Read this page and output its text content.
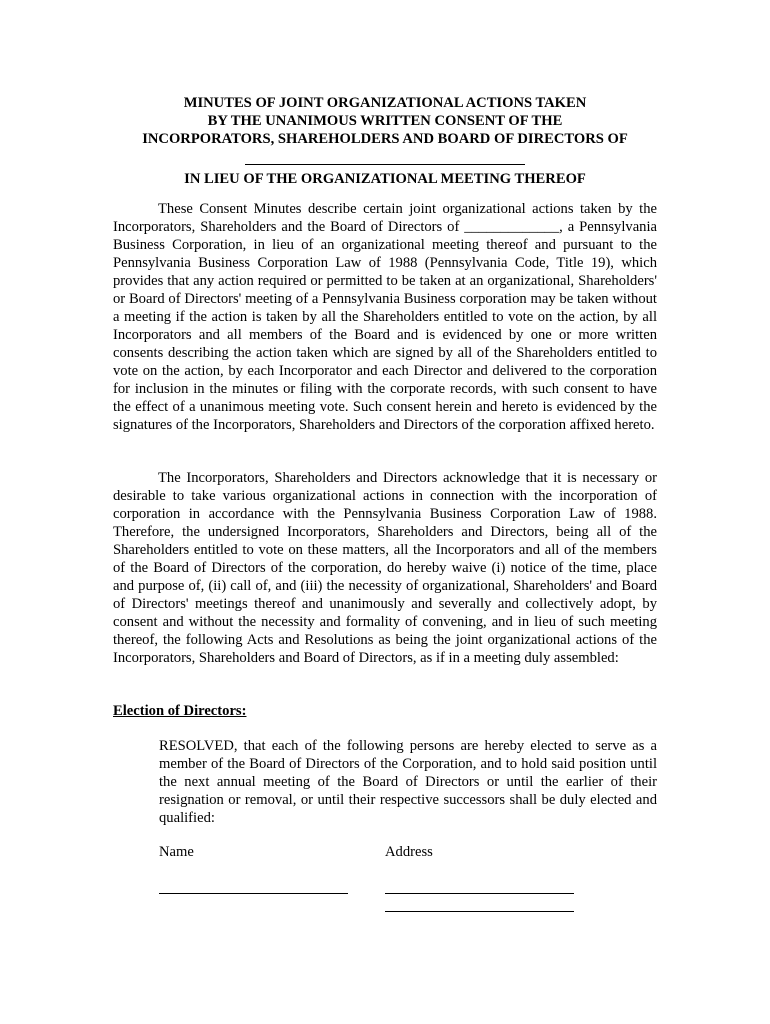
MINUTES OF JOINT ORGANIZATIONAL ACTIONS TAKEN
BY THE UNANIMOUS WRITTEN CONSENT OF THE
INCORPORATORS, SHAREHOLDERS AND BOARD OF DIRECTORS OF
IN LIEU OF THE ORGANIZATIONAL MEETING THEREOF
These Consent Minutes describe certain joint organizational actions taken by the Incorporators, Shareholders and the Board of Directors of _____________, a Pennsylvania Business Corporation, in lieu of an organizational meeting thereof and pursuant to the Pennsylvania Business Corporation Law of 1988 (Pennsylvania Code, Title 19), which provides that any action required or permitted to be taken at an organizational, Shareholders' or Board of Directors' meeting of a Pennsylvania Business corporation may be taken without a meeting if the action is taken by all the Shareholders entitled to vote on the action, by all Incorporators and all members of the Board and is evidenced by one or more written consents describing the action taken which are signed by all of the Shareholders entitled to vote on the action, by each Incorporator and each Director and delivered to the corporation for inclusion in the minutes or filing with the corporate records, with such consent to have the effect of a unanimous meeting vote. Such consent herein and hereto is evidenced by the signatures of the Incorporators, Shareholders and Directors of the corporation affixed hereto.
The Incorporators, Shareholders and Directors acknowledge that it is necessary or desirable to take various organizational actions in connection with the incorporation of corporation in accordance with the Pennsylvania Business Corporation Law of 1988. Therefore, the undersigned Incorporators, Shareholders and Directors, being all of the Shareholders entitled to vote on these matters, all the Incorporators and all of the members of the Board of Directors of the corporation, do hereby waive (i) notice of the time, place and purpose of, (ii) call of, and (iii) the necessity of organizational, Shareholders' and Board of Directors' meetings thereof and unanimously and severally and collectively adopt, by consent and without the necessity and formality of convening, and in lieu of such meeting thereof, the following Acts and Resolutions as being the joint organizational actions of the Incorporators, Shareholders and Board of Directors, as if in a meeting duly assembled:
Election of Directors:
RESOLVED, that each of the following persons are hereby elected to serve as a member of the Board of Directors of the Corporation, and to hold said position until the next annual meeting of the Board of Directors or until the earlier of their resignation or removal, or until their respective successors shall be duly elected and qualified:
Name	Address
